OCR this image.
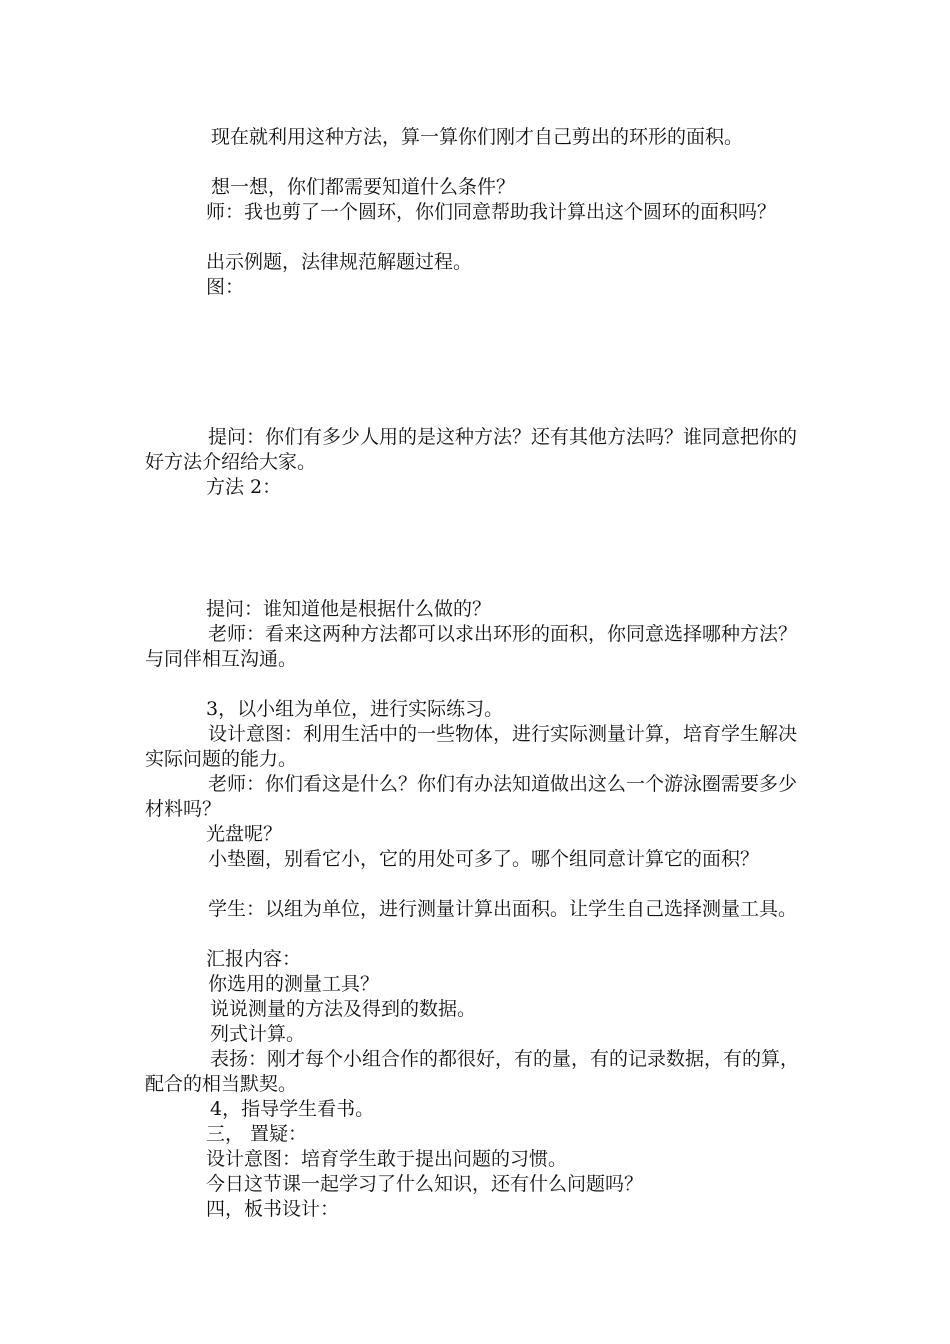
现在就利用这种方法，算一算你们刚才自己剪出的环形的面积。
想一想，你们都需要知道什么条件？
师：我也剪了一个圆环，你们同意帮助我计算出这个圆环的面积吗？
出示例题，法律规范解题过程。
图：
提问：你们有多少人用的是这种方法？还有其他方法吗？谁同意把你的好方法介绍给大家。
方法 2：
提问：谁知道他是根据什么做的？
老师：看来这两种方法都可以求出环形的面积，你同意选择哪种方法？与同伴相互沟通。
3，以小组为单位，进行实际练习。
设计意图：利用生活中的一些物体，进行实际测量计算，培育学生解决实际问题的能力。
老师：你们看这是什么？你们有办法知道做出这么一个游泳圈需要多少材料吗？
光盘呢？
小垫圈，别看它小，它的用处可多了。哪个组同意计算它的面积？
学生：以组为单位，进行测量计算出面积。让学生自己选择测量工具。
汇报内容：
你选用的测量工具？
说说测量的方法及得到的数据。
列式计算。
表扬：刚才每个小组合作的都很好，有的量，有的记录数据，有的算，配合的相当默契。
4，指导学生看书。
三， 置疑：
设计意图：培育学生敢于提出问题的习惯。
今日这节课一起学习了什么知识，还有什么问题吗？
四，板书设计：
